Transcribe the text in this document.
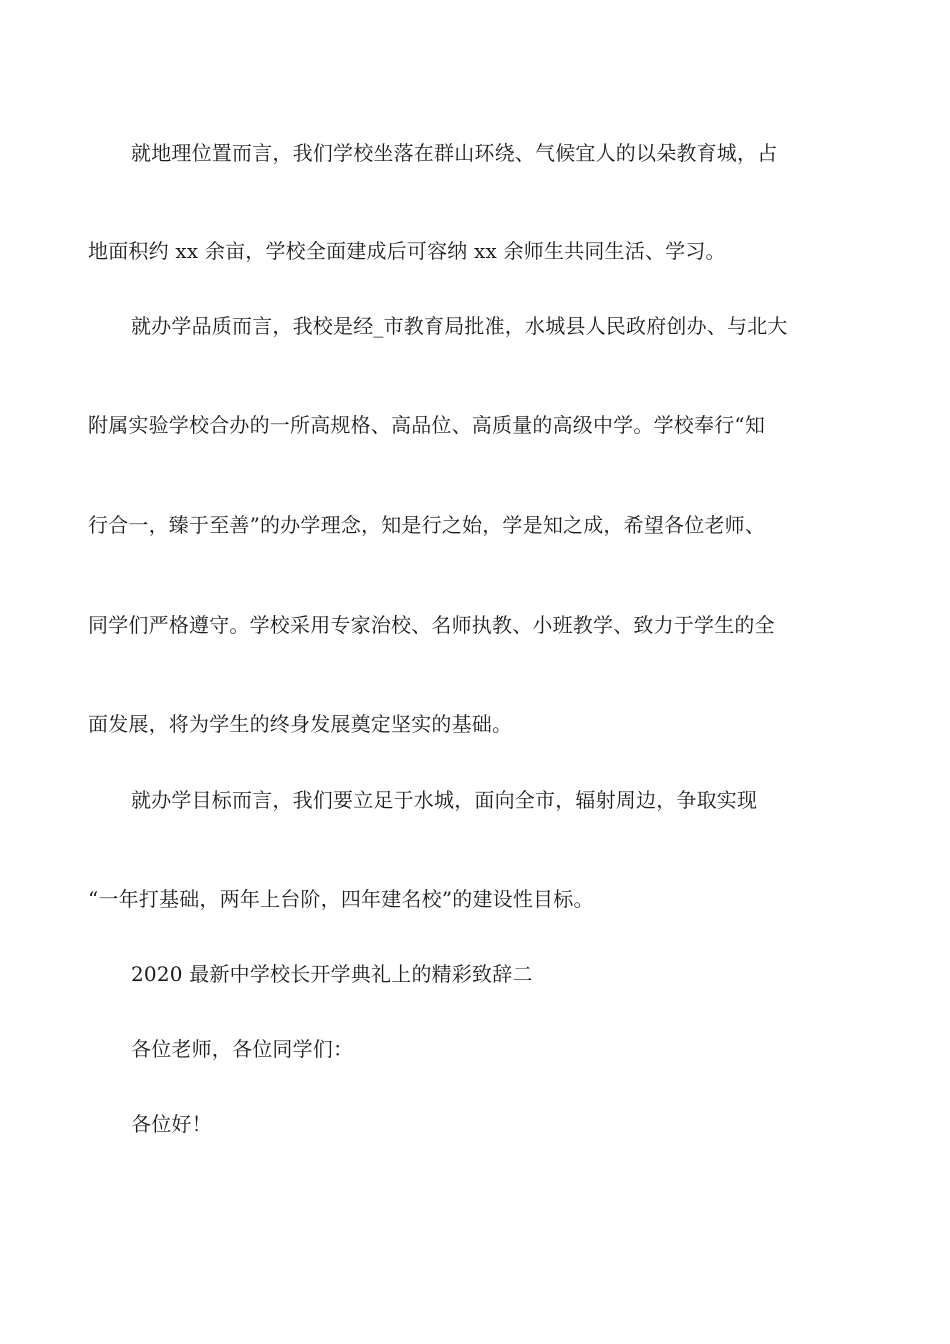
就地理位置而言，我们学校坐落在群山环绕、气候宜人的以朵教育城，占

地面积约 xx 余亩，学校全面建成后可容纳 xx 余师生共同生活、学习。

就办学品质而言，我校是经_市教育局批准，水城县人民政府创办、与北大

附属实验学校合办的一所高规格、高品位、高质量的高级中学。学校奉行“知

行合一，臻于至善”的办学理念，知是行之始，学是知之成，希望各位老师、

同学们严格遵守。学校采用专家治校、名师执教、小班教学、致力于学生的全

面发展，将为学生的终身发展奠定坚实的基础。

就办学目标而言，我们要立足于水城，面向全市，辐射周边，争取实现

“一年打基础，两年上台阶，四年建名校”的建设性目标。

2020 最新中学校长开学典礼上的精彩致辞二

各位老师，各位同学们：

各位好！
